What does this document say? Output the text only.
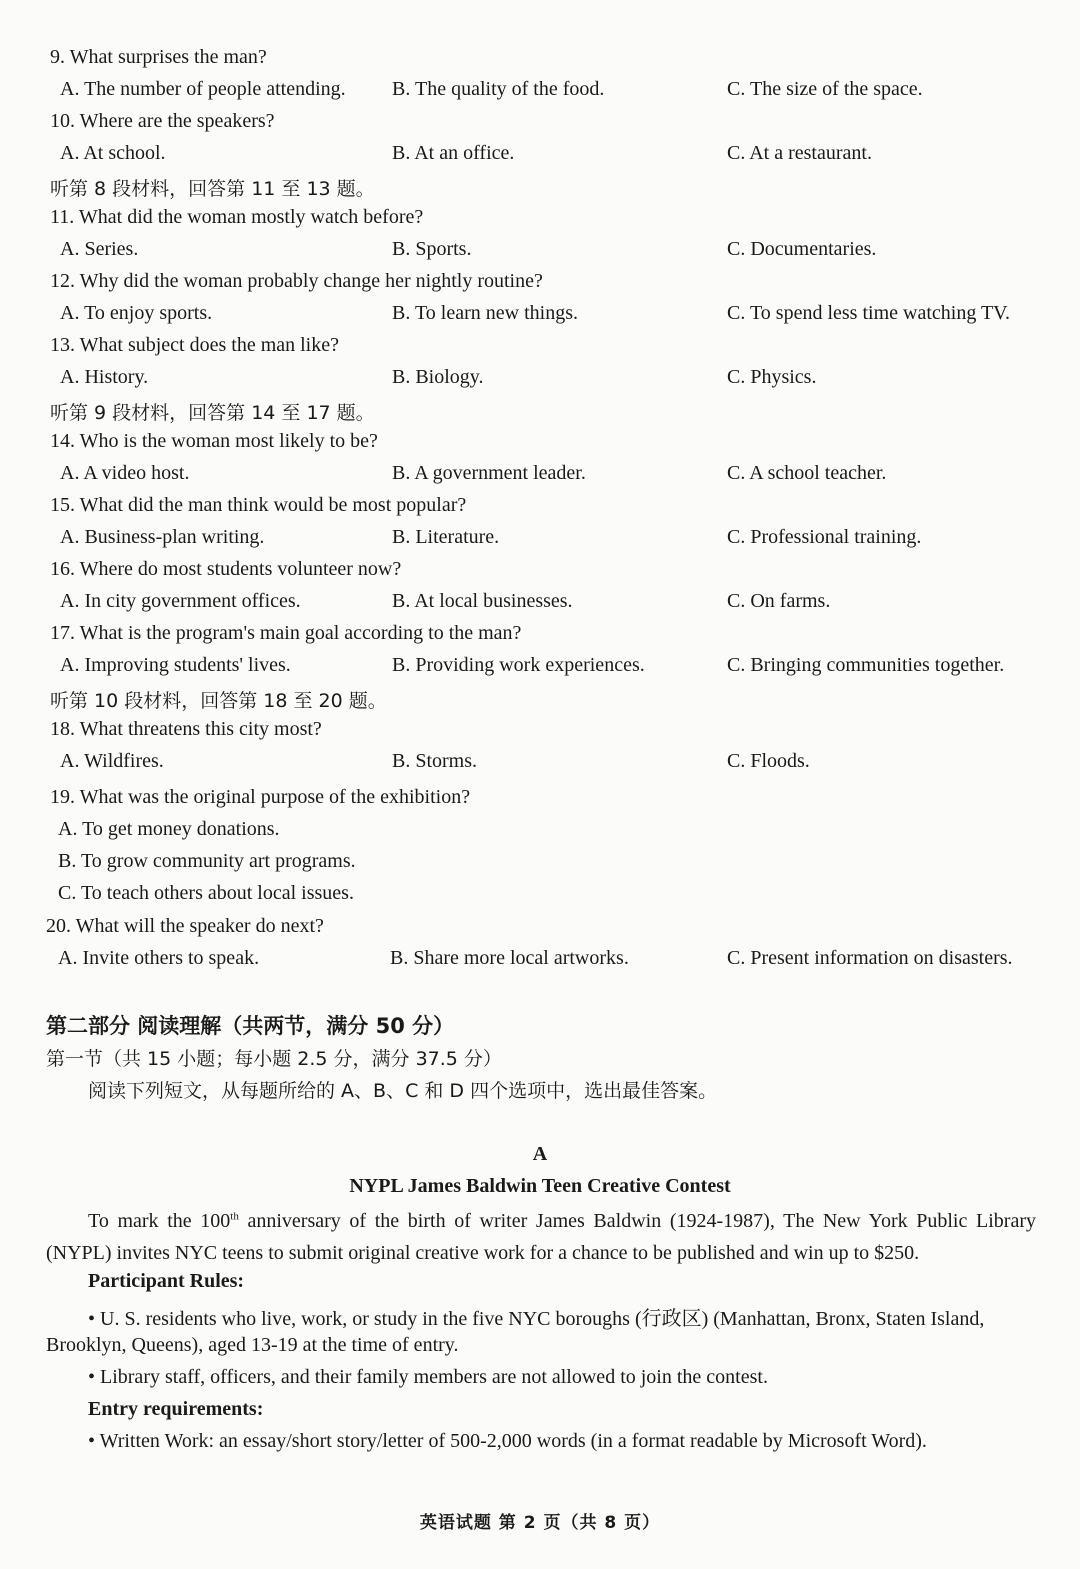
9. What surprises the man?
A. The number of people attending. B. The quality of the food.	C. The size of the space.
10. Where are the speakers?
A. At school.	B. At an office.	C. At a restaurant.
听第 8 段材料，回答第 11 至 13 题。
11. What did the woman mostly watch before?
A. Series.	B. Sports.	C. Documentaries.
12. Why did the woman probably change her nightly routine?
A. To enjoy sports.	B. To learn new things.	C. To spend less time watching TV.
13. What subject does the man like?
A. History.	B. Biology.	C. Physics.
听第 9 段材料，回答第 14 至 17 题。
14. Who is the woman most likely to be?
A. A video host.	B. A government leader.	C. A school teacher.
15. What did the man think would be most popular?
A. Business-plan writing.	B. Literature.	C. Professional training.
16. Where do most students volunteer now?
A. In city government offices.	B. At local businesses.	C. On farms.
17. What is the program's main goal according to the man?
A. Improving students' lives.	B. Providing work experiences.	C. Bringing communities together.
听第 10 段材料，回答第 18 至 20 题。
18. What threatens this city most?
A. Wildfires.	B. Storms.	C. Floods.
19. What was the original purpose of the exhibition?
A. To get money donations.
B. To grow community art programs.
C. To teach others about local issues.
20. What will the speaker do next?
A. Invite others to speak.	B. Share more local artworks.	C. Present information on disasters.
第二部分 阅读理解（共两节，满分 50 分）
第一节（共 15 小题；每小题 2.5 分，满分 37.5 分）
阅读下列短文，从每题所给的 A、B、C 和 D 四个选项中，选出最佳答案。
A
NYPL James Baldwin Teen Creative Contest
To mark the 100th anniversary of the birth of writer James Baldwin (1924-1987), The New York Public Library (NYPL) invites NYC teens to submit original creative work for a chance to be published and win up to $250.
Participant Rules:
• U. S. residents who live, work, or study in the five NYC boroughs (行政区) (Manhattan, Bronx, Staten Island,
Brooklyn, Queens), aged 13-19 at the time of entry.
• Library staff, officers, and their family members are not allowed to join the contest.
Entry requirements:
• Written Work: an essay/short story/letter of 500-2,000 words (in a format readable by Microsoft Word).
英语试题 第 2 页（共 8 页）
